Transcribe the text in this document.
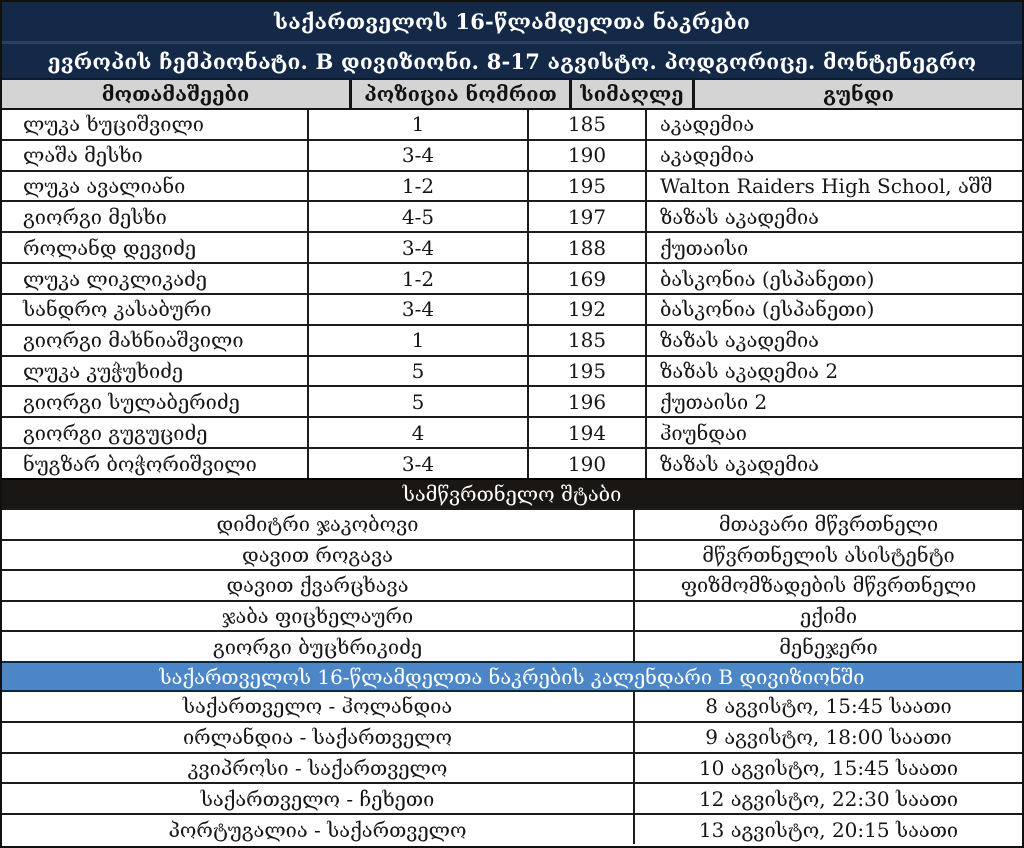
საქართველოს 16-წლამდელთა ნაკრები
ევროპის ჩემპიონატი. B დივიზიონი. 8-17 აგვისტო. პოდგორიცე. მონტენეგრო
მოთამაშეები	პოზიცია ნომრით	სიმაღლე	გუნდი
ლუკა ხუციშვილი	1	185	აკადემია
ლაშა მესხი	3-4	190	აკადემია
ლუკა ავალიანი	1-2	195	Walton Raiders High School, აშშ
გიორგი მესხი	4-5	197	ზაზას აკადემია
როლანდ დევიძე	3-4	188	ქუთაისი
ლუკა ლიკლიკაძე	1-2	169	ბასკონია (ესპანეთი)
სანდრო კასაბური	3-4	192	ბასკონია (ესპანეთი)
გიორგი მახნიაშვილი	1	185	ზაზას აკადემია
ლუკა კუჭუხიძე	5	195	ზაზას აკადემია 2
გიორგი სულაბერიძე	5	196	ქუთაისი 2
გიორგი გუგუციძე	4	194	ჰიუნდაი
ნუგზარ ბოჭორიშვილი	3-4	190	ზაზას აკადემია
სამწვრთნელო შტაბი
დიმიტრი ჯაკობოვი	მთავარი მწვრთნელი
დავით როგავა	მწვრთნელის ასისტენტი
დავით ქვარცხავა	ფიზმომზადების მწვრთნელი
ჯაბა ფიცხელაური	ექიმი
გიორგი ბუცხრიკიძე	მენეჯერი
საქართველოს 16-წლამდელთა ნაკრების კალენდარი B დივიზიონში
საქართველო - ჰოლანდია	8 აგვისტო, 15:45 საათი
ირლანდია - საქართველო	9 აგვისტო, 18:00 საათი
კვიპროსი - საქართველო	10 აგვისტო, 15:45 საათი
საქართველო - ჩეხეთი	12 აგვისტო, 22:30 საათი
პორტუგალია - საქართველო	13 აგვისტო, 20:15 საათი
